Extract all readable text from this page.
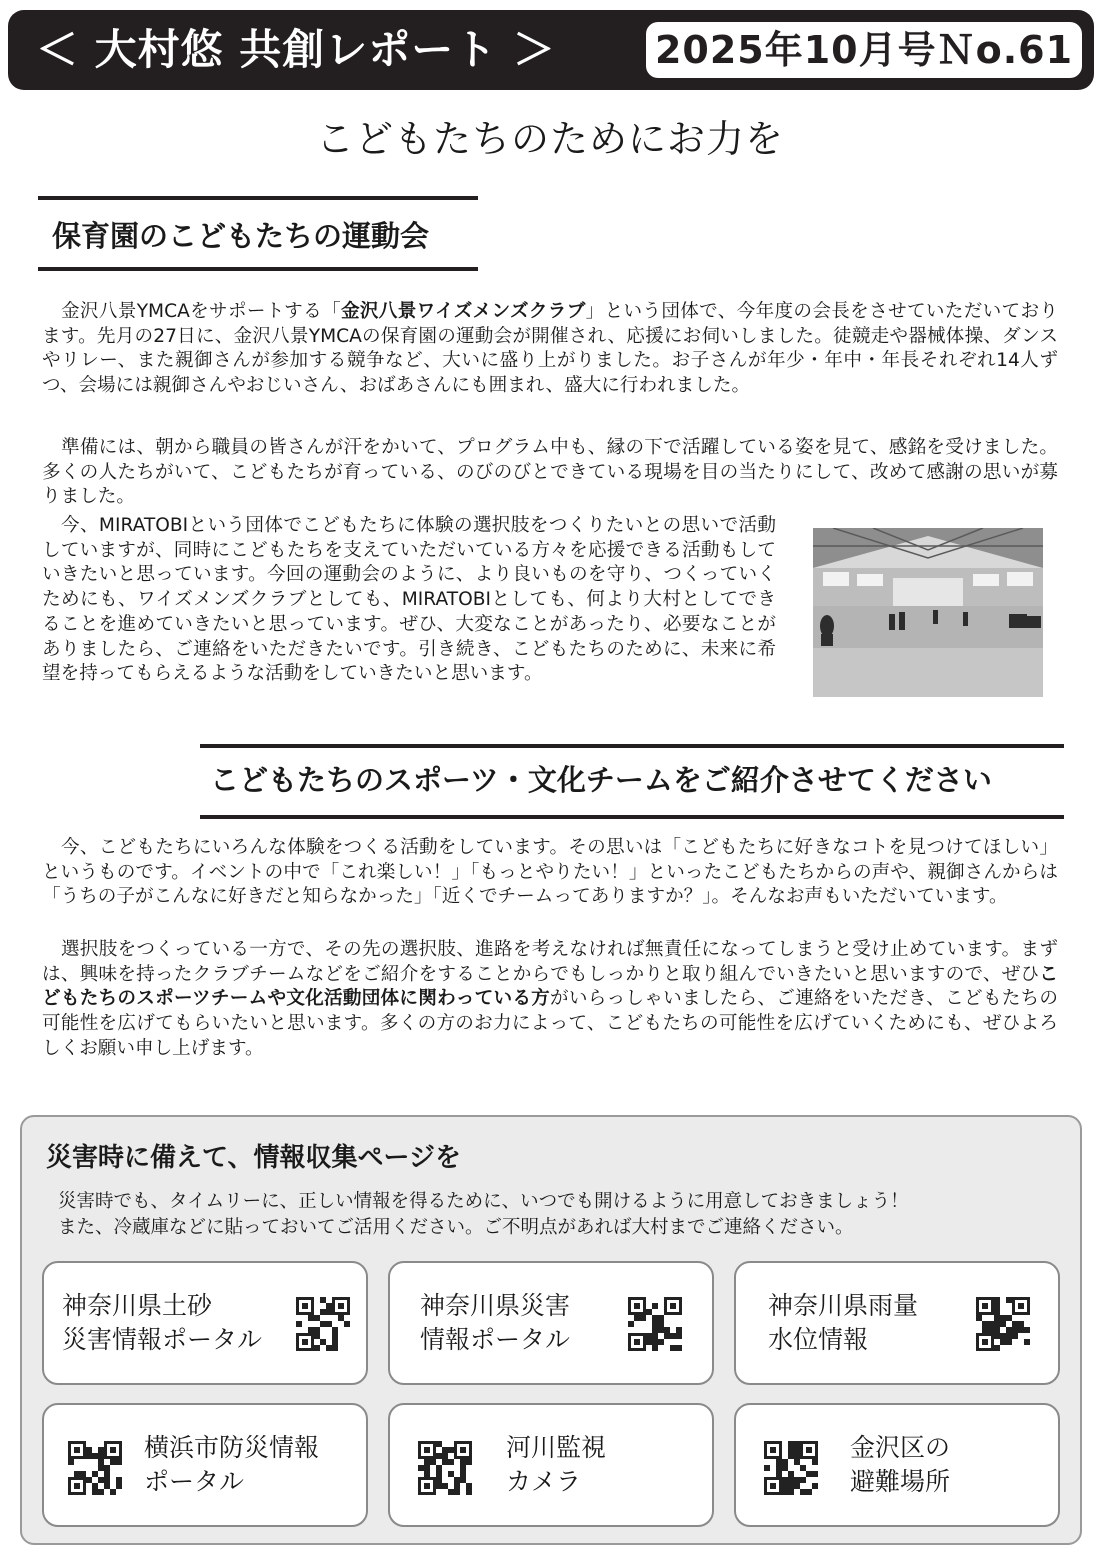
＜ 大村悠 共創レポート ＞	2025年10月号Ｎo.61
こどもたちのためにお力を
保育園のこどもたちの運動会

金沢八景YMCAをサポートする「金沢八景ワイズメンズクラブ」という団体で、今年度の会長をさせていただいております。先月の27日に、金沢八景YMCAの保育園の運動会が開催され、応援にお伺いしました。徒競走や器械体操、ダンスやリレー、また親御さんが参加する競争など、大いに盛り上がりました。お子さんが年少・年中・年長それぞれ14人ずつ、会場には親御さんやおじいさん、おばあさんにも囲まれ、盛大に行われました。

準備には、朝から職員の皆さんが汗をかいて、プログラム中も、縁の下で活躍している姿を見て、感銘を受けました。多くの人たちがいて、こどもたちが育っている、のびのびとできている現場を目の当たりにして、改めて感謝の思いが募りました。

今、MIRATOBIという団体でこどもたちに体験の選択肢をつくりたいとの思いで活動していますが、同時にこどもたちを支えていただいている方々を応援できる活動もしていきたいと思っています。今回の運動会のように、より良いものを守り、つくっていくためにも、ワイズメンズクラブとしても、MIRATOBIとしても、何より大村としてできることを進めていきたいと思っています。ぜひ、大変なことがあったり、必要なことがありましたら、ご連絡をいただきたいです。引き続き、こどもたちのために、未来に希望を持ってもらえるような活動をしていきたいと思います。

こどもたちのスポーツ・文化チームをご紹介させてください

今、こどもたちにいろんな体験をつくる活動をしています。その思いは「こどもたちに好きなコトを見つけてほしい」というものです。イベントの中で「これ楽しい！」「もっとやりたい！」といったこどもたちからの声や、親御さんからは「うちの子がこんなに好きだと知らなかった」「近くでチームってありますか？」。そんなお声もいただいています。

選択肢をつくっている一方で、その先の選択肢、進路を考えなければ無責任になってしまうと受け止めています。まずは、興味を持ったクラブチームなどをご紹介をすることからでもしっかりと取り組んでいきたいと思いますので、ぜひこどもたちのスポーツチームや文化活動団体に関わっている方がいらっしゃいましたら、ご連絡をいただき、こどもたちの可能性を広げてもらいたいと思います。多くの方のお力によって、こどもたちの可能性を広げていくためにも、ぜひよろしくお願い申し上げます。

災害時に備えて、情報収集ページを

災害時でも、タイムリーに、正しい情報を得るために、いつでも開けるように用意しておきましょう！

また、冷蔵庫などに貼っておいてご活用ください。ご不明点があれば大村までご連絡ください。

神奈川県土砂
災害情報ポータル
神奈川県災害
情報ポータル
神奈川県雨量
水位情報
横浜市防災情報
ポータル
河川監視
カメラ
金沢区の
避難場所
